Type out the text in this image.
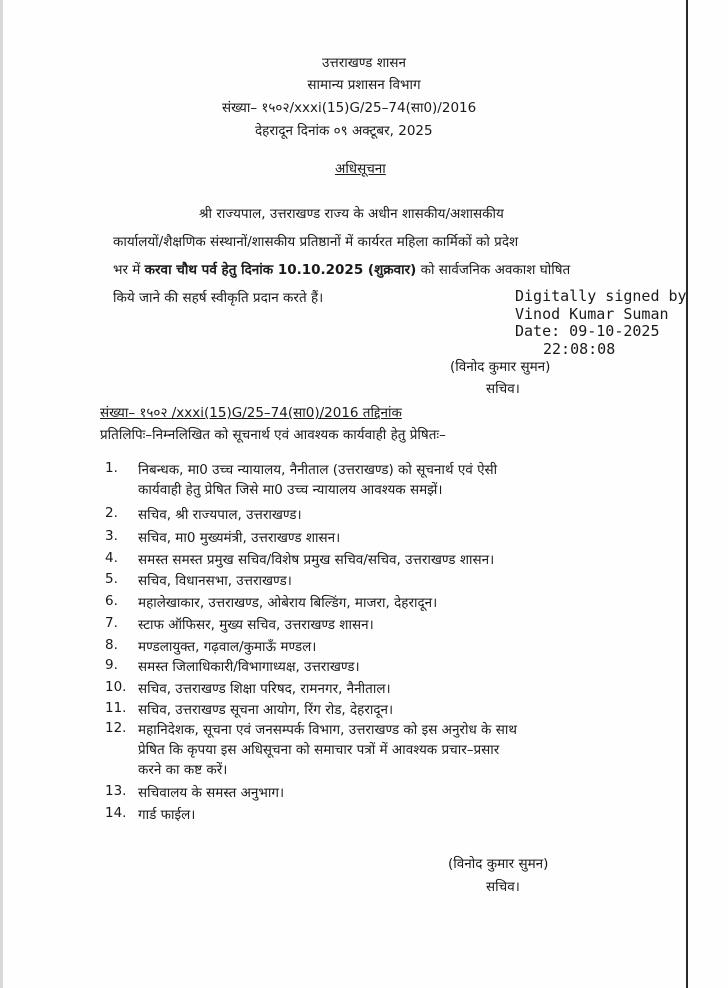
उत्तराखण्ड शासन
सामान्य प्रशासन विभाग
संख्या– १५०२/xxxi(15)G/25–74(सा0)/2016
देहरादून दिनांक ०९ अक्टूबर, 2025
अधिसूचना
श्री राज्यपाल, उत्तराखण्ड राज्य के अधीन शासकीय/अशासकीय
कार्यालयों/शैक्षणिक संस्थानों/शासकीय प्रतिष्ठानों में कार्यरत महिला कार्मिकों को प्रदेश
भर में करवा चौथ पर्व हेतु दिनांक 10.10.2025 (शुक्रवार) को सार्वजनिक अवकाश घोषित
किये जाने की सहर्ष स्वीकृति प्रदान करते हैं।	Digitally signed by
Vinod Kumar Suman
Date: 09-10-2025
22:08:08
(विनोद कुमार सुमन)
सचिव।
संख्या– १५०२ /xxxi(15)G/25–74(सा0)/2016 तद्दिनांक
प्रतिलिपिः–निम्नलिखित को सूचनार्थ एवं आवश्यक कार्यवाही हेतु प्रेषितः–
1.	निबन्धक, मा0 उच्च न्यायालय, नैनीताल (उत्तराखण्ड) को सूचनार्थ एवं ऐसी
कार्यवाही हेतु प्रेषित जिसे मा0 उच्च न्यायालय आवश्यक समझें।
2.	सचिव, श्री राज्यपाल, उत्तराखण्ड।
3.	सचिव, मा0 मुख्यमंत्री, उत्तराखण्ड शासन।
4.	समस्त समस्त प्रमुख सचिव/विशेष प्रमुख सचिव/सचिव, उत्तराखण्ड शासन।
5.	सचिव, विधानसभा, उत्तराखण्ड।
6.	महालेखाकार, उत्तराखण्ड, ओबेराय बिल्डिंग, माजरा, देहरादून।
7.	स्टाफ ऑफिसर, मुख्य सचिव, उत्तराखण्ड शासन।
8.	मण्डलायुक्त, गढ़वाल/कुमाऊँ मण्डल।
9.	समस्त जिलाधिकारी/विभागाध्यक्ष, उत्तराखण्ड।
10. सचिव, उत्तराखण्ड शिक्षा परिषद, रामनगर, नैनीताल।
11. सचिव, उत्तराखण्ड सूचना आयोग, रिंग रोड, देहरादून।
12. महानिदेशक, सूचना एवं जनसम्पर्क विभाग, उत्तराखण्ड को इस अनुरोध के साथ
प्रेषित कि कृपया इस अधिसूचना को समाचार पत्रों में आवश्यक प्रचार–प्रसार
करने का कष्ट करें।
13. सचिवालय के समस्त अनुभाग।
14. गार्ड फाईल।
(विनोद कुमार सुमन)
सचिव।
